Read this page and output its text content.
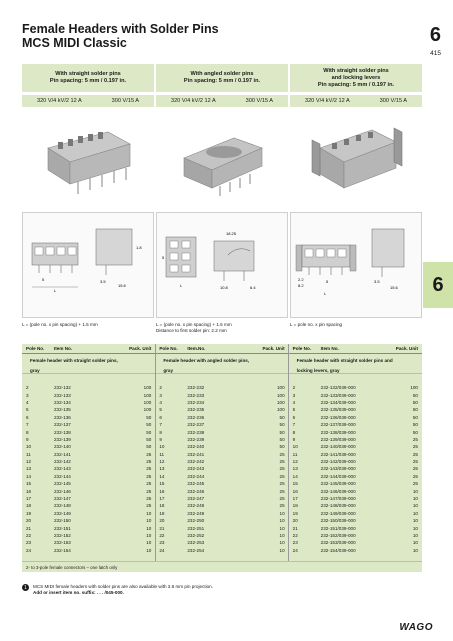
Female Headers with Solder Pins
MCS MIDI Classic	6
415
6
With straight solder pins
Pin spacing: 5 mm / 0.197 in.
320 V/4 kV/2 12 A	300 V/15 A
With angled solder pins
Pin spacing: 5 mm / 0.197 in.
320 V/4 kV/2 12 A	300 V/15 A
With straight solder pins
and locking levers
Pin spacing: 5 mm / 0.197 in.
320 V/4 kV/2 12 A	300 V/15 A
L
5	3.5
15.6
1.8
18.25
10.8	6.4
L
5
2.2
8.2
5	3.5
15.6
L
L = (pole no. x pin spacing) + 1.5 mm	L = (pole no. x pin spacing) + 1.5 mm
Distance to first solder pin: 2.2 mm
L = pole no. x pin spacing
Pole No.	Item No.	Pack. Unit Pole No.	Item.No.	Pack. Unit Pole No.	Item No.	Pack. Unit
Female header with straight solder pins,
gray
Female header with angled solder pins,
gray
Female header with straight solder pins and
locking levers, gray
2	232-132	100
3	232-133	100
4	232-134	100
5	232-135	100
6	232-136	50
7	232-137	50
8	232-138	50
9	232-139	50
10	232-140	50
11	232-141	25
12	232-142	25
13	232-143	25
14	232-144	25
15	232-145	25
16	232-146	25
17	232-147	25
18	232-148	25
19	232-149	10
20	232-150	10
21	232-151	10
22	232-152	10
23	232-153	10
24	232-154	10
2	232-232	100
3	232-233	100
4	232-234	100
5	232-235	100
6	232-236	50
7	232-237	50
8	232-238	50
9	232-239	50
10	232-240	50
11	232-241	25
12	232-242	25
13	232-243	25
14	232-244	25
15	232-245	25
16	232-246	25
17	232-247	25
18	232-248	25
19	232-249	10
20	232-250	10
21	232-251	10
22	232-252	10
23	232-253	10
24	232-254	10
2	232-132/039-000	100
3	232-133/039-000	50
4	232-134/039-000	50
5	232-135/039-000	50
6	232-136/039-000	50
7	232-137/039-000	50
8	232-138/039-000	50
9	232-139/039-000	25
10	232-140/039-000	25
11	232-141/039-000	25
12	232-142/039-000	25
13	232-143/039-000	25
14	232-144/039-000	25
15	232-145/039-000	25
16	232-146/039-000	10
17	232-147/039-000	10
18	232-148/039-000	10
19	232-149/039-000	10
20	232-150/039-000	10
21	232-151/039-000	10
22	232-152/039-000	10
23	232-153/039-000	10
24	232-154/039-000	10
2- to 3-pole female connectors – one latch only
1	MCS MIDI female headers with solder pins are also available with 3.8 mm pin projection.
Add or insert item no. suffix: . . . /045-000.
WAGO
